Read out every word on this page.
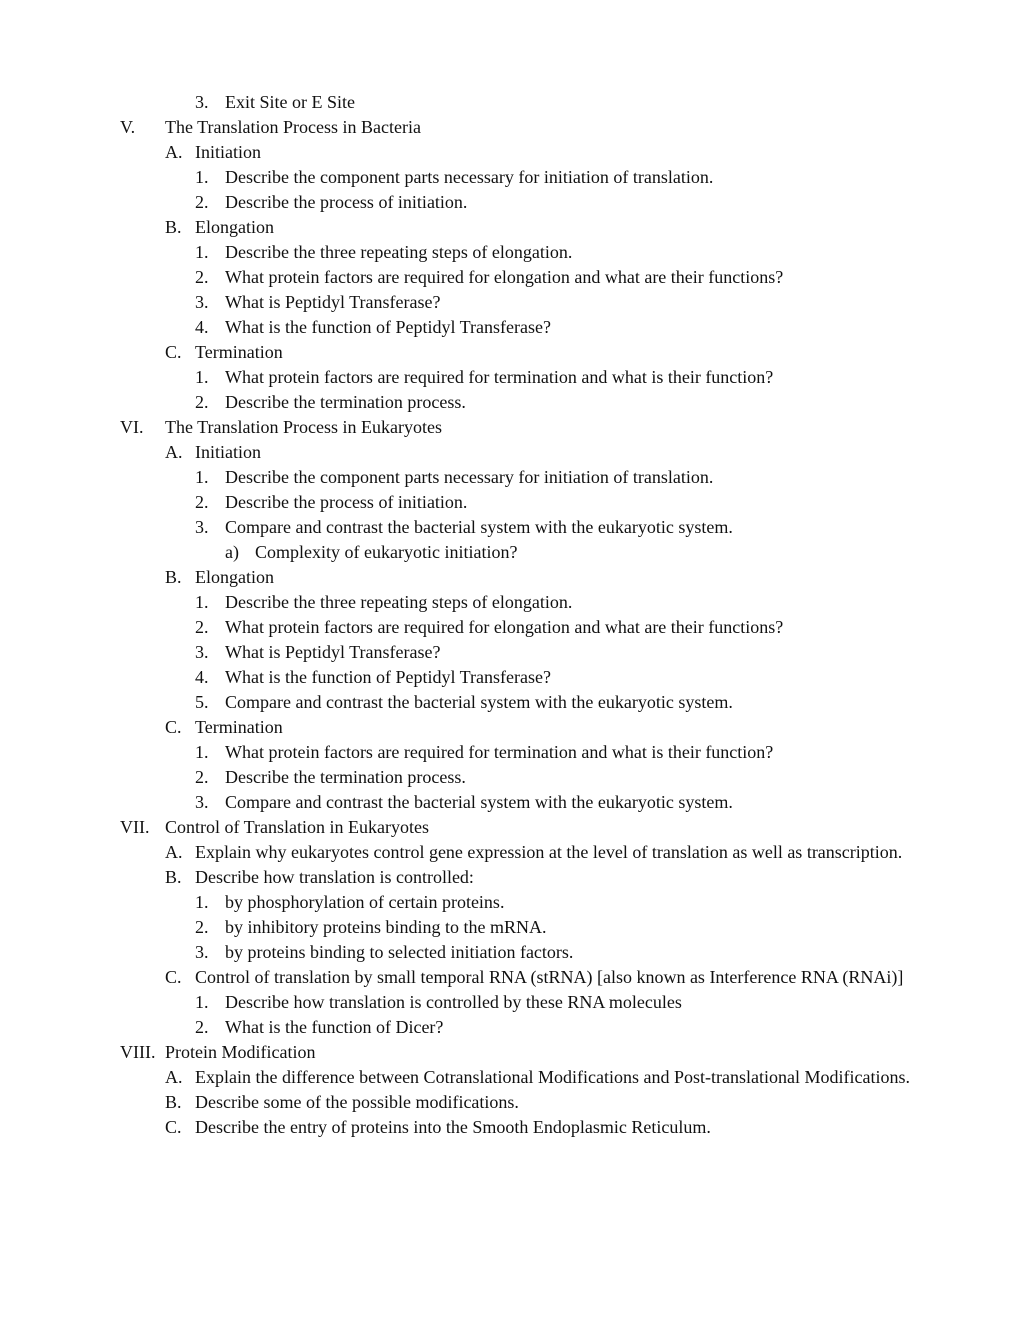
3. Exit Site or E Site
V. The Translation Process in Bacteria
A. Initiation
1. Describe the component parts necessary for initiation of translation.
2. Describe the process of initiation.
B. Elongation
1. Describe the three repeating steps of elongation.
2. What protein factors are required for elongation and what are their functions?
3. What is Peptidyl Transferase?
4. What is the function of Peptidyl Transferase?
C. Termination
1. What protein factors are required for termination and what is their function?
2. Describe the termination process.
VI. The Translation Process in Eukaryotes
A. Initiation
1. Describe the component parts necessary for initiation of translation.
2. Describe the process of initiation.
3. Compare and contrast the bacterial system with the eukaryotic system.
a) Complexity of eukaryotic initiation?
B. Elongation
1. Describe the three repeating steps of elongation.
2. What protein factors are required for elongation and what are their functions?
3. What is Peptidyl Transferase?
4. What is the function of Peptidyl Transferase?
5. Compare and contrast the bacterial system with the eukaryotic system.
C. Termination
1. What protein factors are required for termination and what is their function?
2. Describe the termination process.
3. Compare and contrast the bacterial system with the eukaryotic system.
VII. Control of Translation in Eukaryotes
A. Explain why eukaryotes control gene expression at the level of translation as well as transcription.
B. Describe how translation is controlled:
1. by phosphorylation of certain proteins.
2. by inhibitory proteins binding to the mRNA.
3. by proteins binding to selected initiation factors.
C. Control of translation by small temporal RNA (stRNA) [also known as Interference RNA (RNAi)]
1. Describe how translation is controlled by these RNA molecules
2. What is the function of Dicer?
VIII. Protein Modification
A. Explain the difference between Cotranslational Modifications and Post-translational Modifications.
B. Describe some of the possible modifications.
C. Describe the entry of proteins into the Smooth Endoplasmic Reticulum.
